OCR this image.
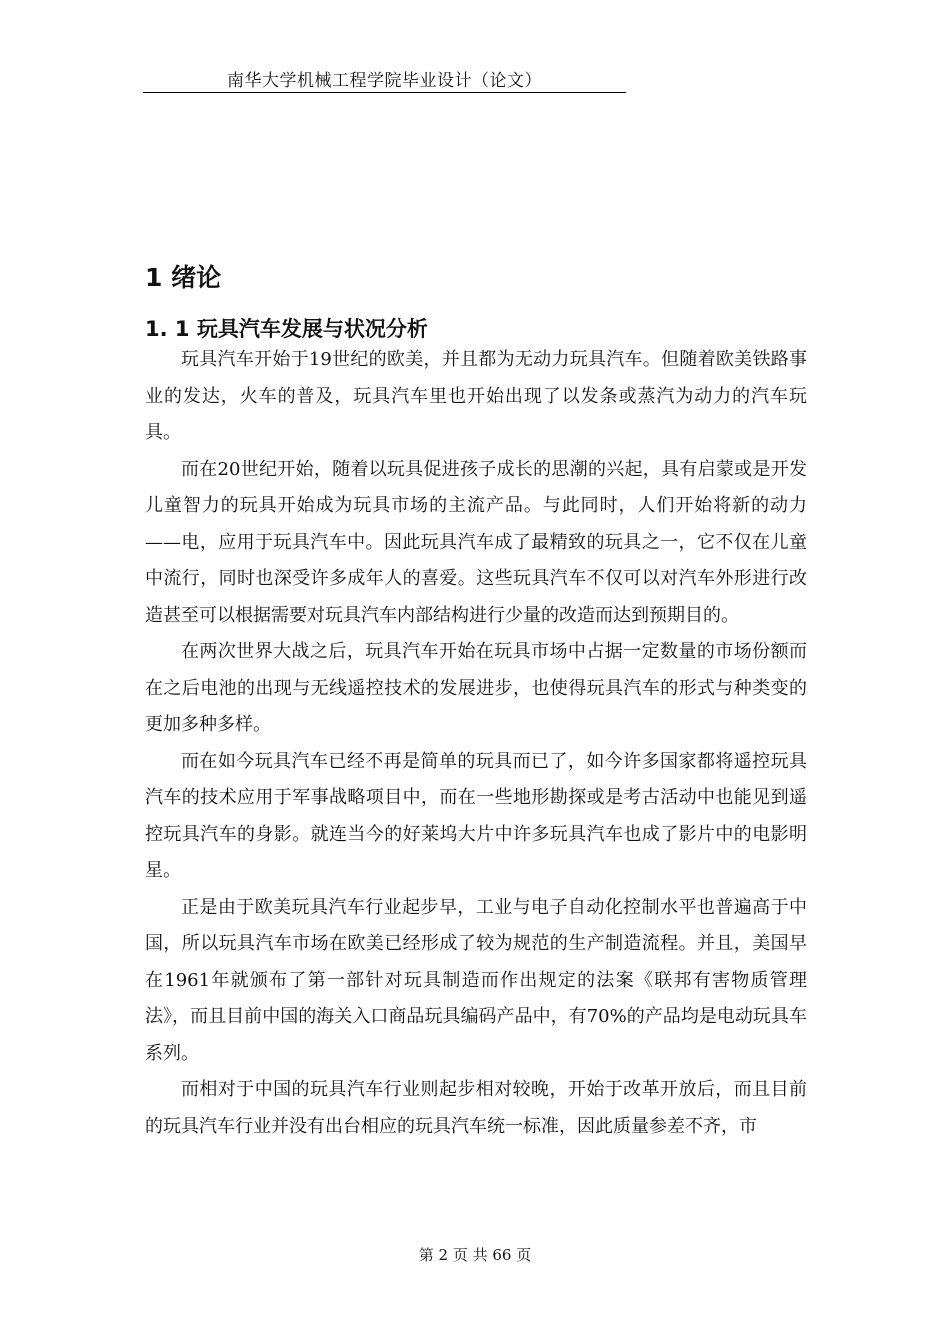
南华大学机械工程学院毕业设计（论文）
1 绪论
1. 1 玩具汽车发展与状况分析

玩具汽车开始于19世纪的欧美，并且都为无动力玩具汽车。但随着欧美铁路事业的发达，火车的普及，玩具汽车里也开始出现了以发条或蒸汽为动力的汽车玩具。

而在20世纪开始，随着以玩具促进孩子成长的思潮的兴起，具有启蒙或是开发儿童智力的玩具开始成为玩具市场的主流产品。与此同时，人们开始将新的动力——电，应用于玩具汽车中。因此玩具汽车成了最精致的玩具之一，它不仅在儿童中流行，同时也深受许多成年人的喜爱。这些玩具汽车不仅可以对汽车外形进行改造甚至可以根据需要对玩具汽车内部结构进行少量的改造而达到预期目的。

在两次世界大战之后，玩具汽车开始在玩具市场中占据一定数量的市场份额而在之后电池的出现与无线遥控技术的发展进步，也使得玩具汽车的形式与种类变的更加多种多样。

而在如今玩具汽车已经不再是简单的玩具而已了，如今许多国家都将遥控玩具汽车的技术应用于军事战略项目中，而在一些地形勘探或是考古活动中也能见到遥控玩具汽车的身影。就连当今的好莱坞大片中许多玩具汽车也成了影片中的电影明星。

正是由于欧美玩具汽车行业起步早，工业与电子自动化控制水平也普遍高于中国，所以玩具汽车市场在欧美已经形成了较为规范的生产制造流程。并且，美国早在1961年就颁布了第一部针对玩具制造而作出规定的法案《联邦有害物质管理法》，而且目前中国的海关入口商品玩具编码产品中，有70%的产品均是电动玩具车系列。

而相对于中国的玩具汽车行业则起步相对较晚，开始于改革开放后，而且目前的玩具汽车行业并没有出台相应的玩具汽车统一标准，因此质量参差不齐，市

第 2 页 共 66 页
